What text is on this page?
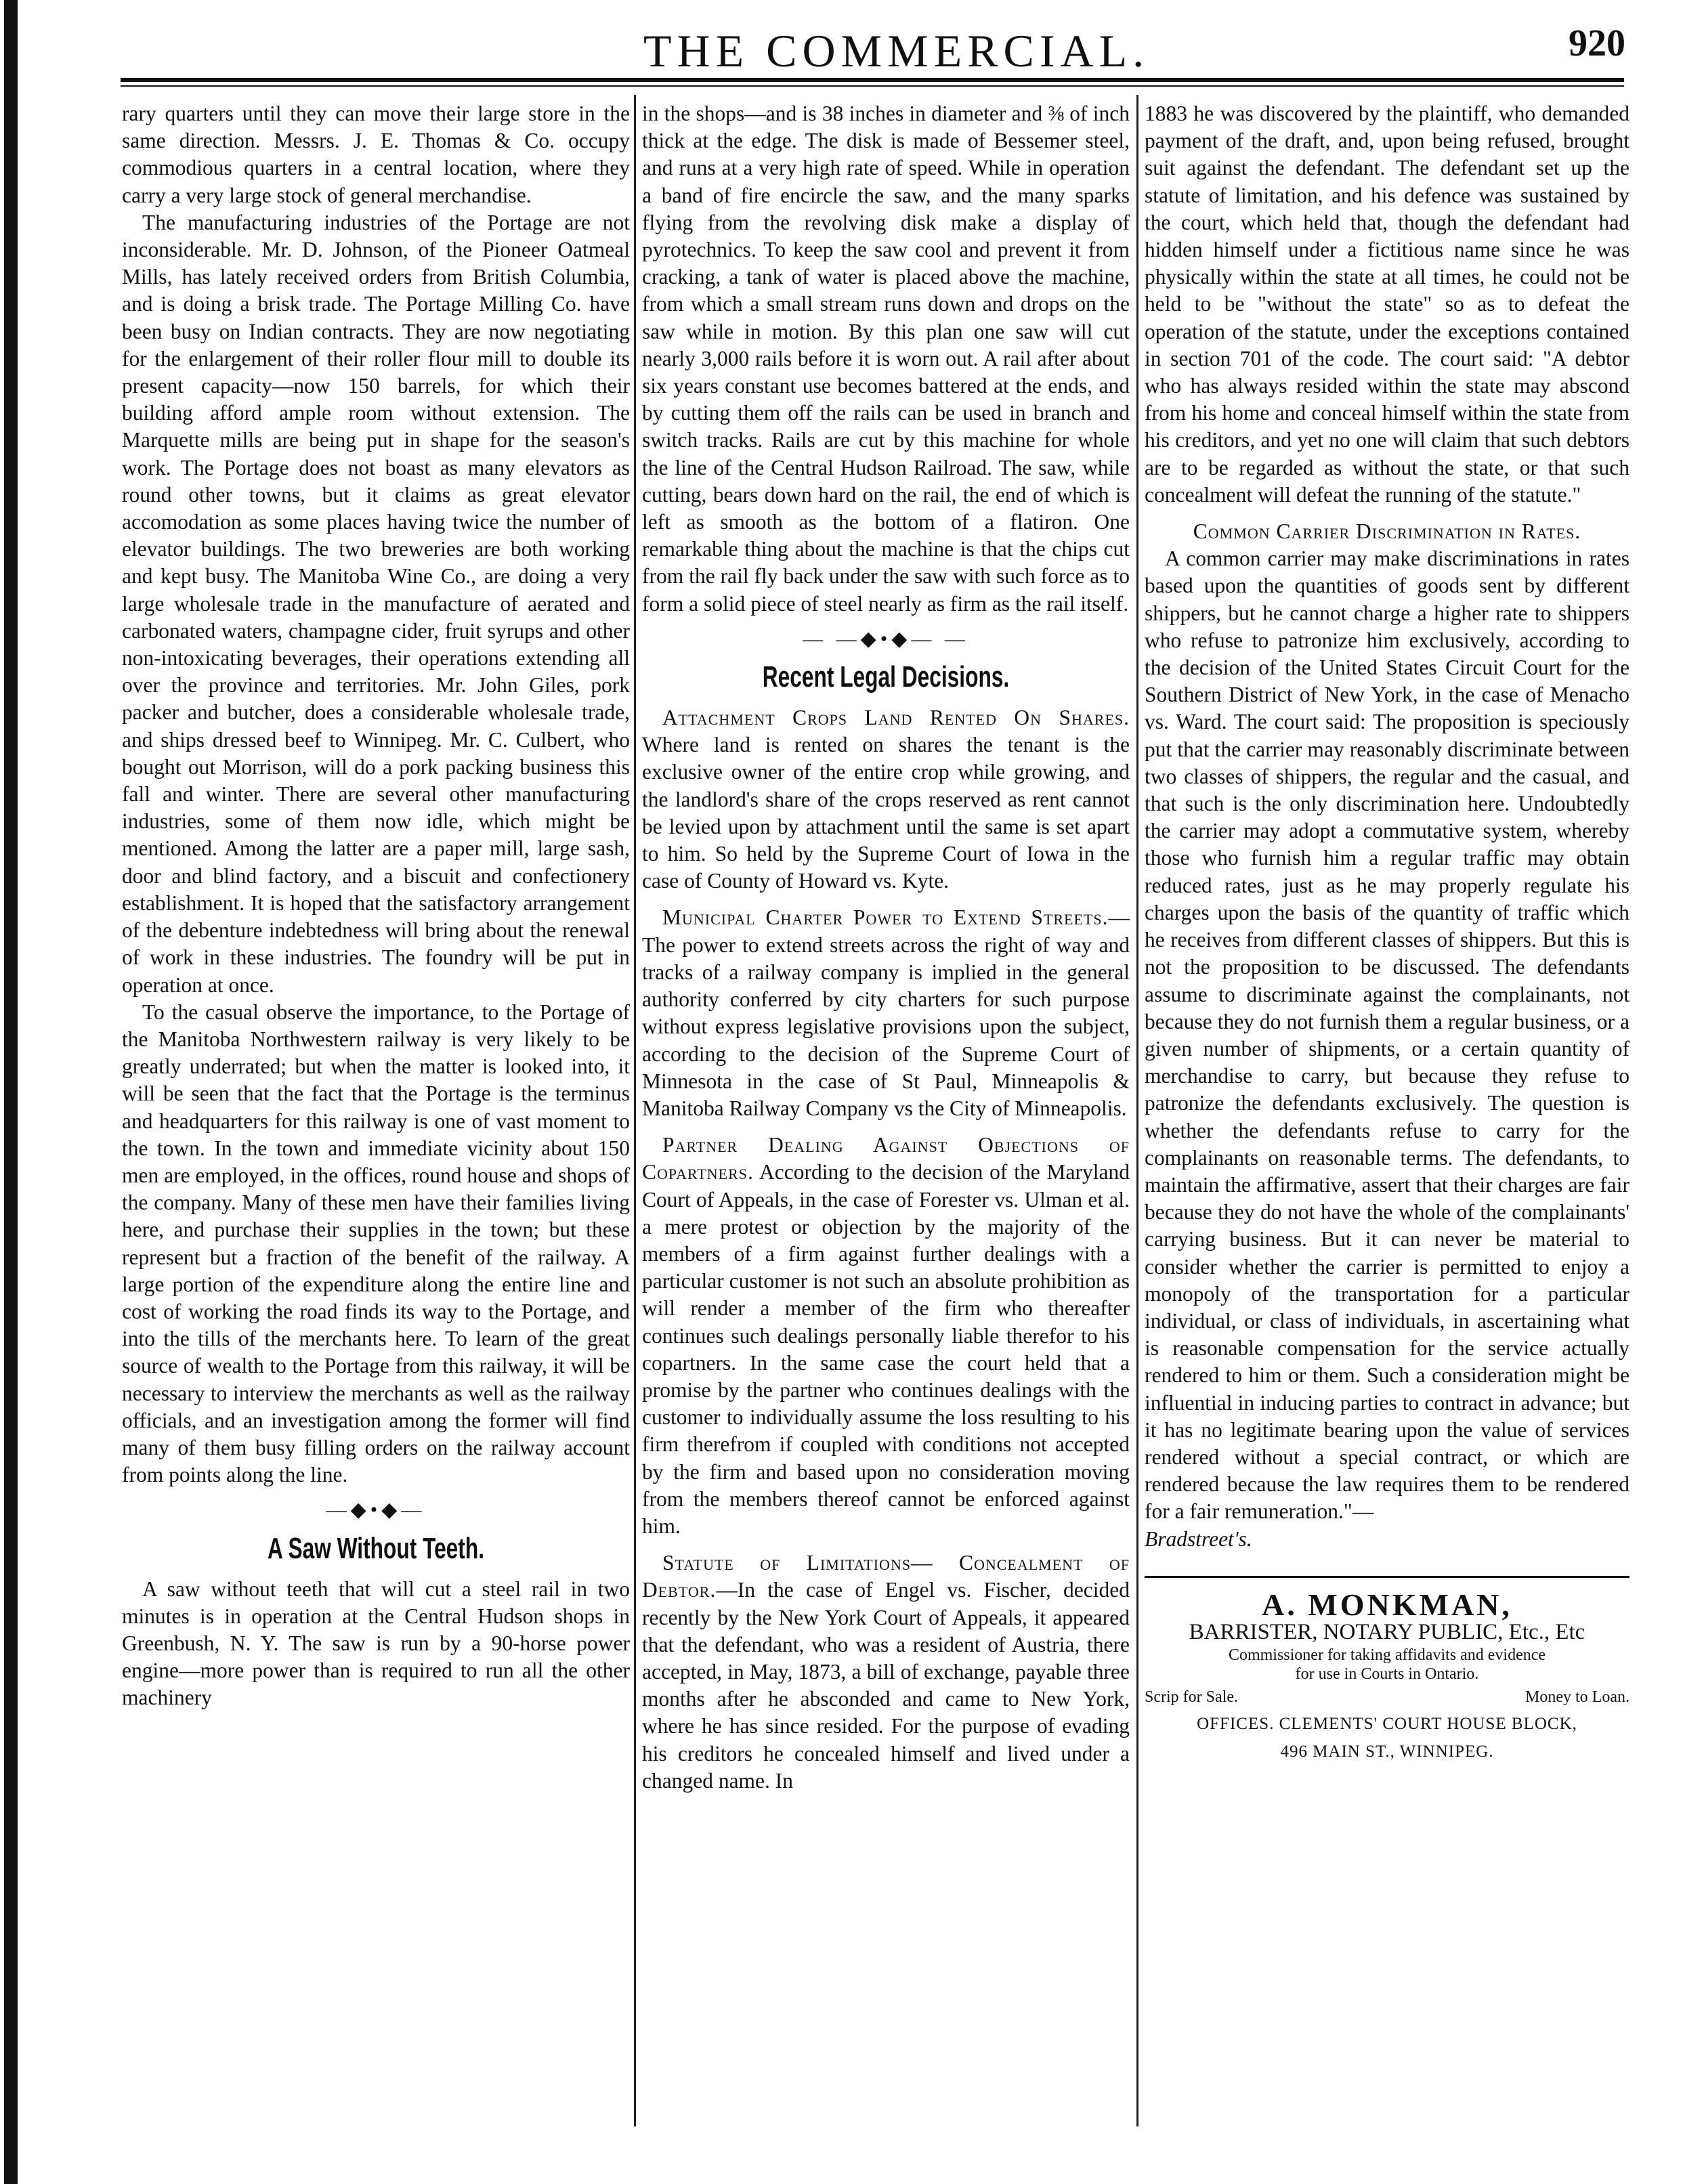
THE COMMERCIAL.	920

rary quarters until they can move their large store in the same direction. Messrs. J. E. Thomas & Co. occupy commodious quarters in a central location, where they carry a very large stock of general merchandise.

The manufacturing industries of the Portage are not inconsiderable. Mr. D. Johnson, of the Pioneer Oatmeal Mills, has lately received orders from British Columbia, and is doing a brisk trade. The Portage Milling Co. have been busy on Indian contracts. They are now negotiating for the enlargement of their roller flour mill to double its present capacity—now 150 barrels, for which their building afford ample room without extension. The Marquette mills are being put in shape for the season's work. The Portage does not boast as many elevators as round other towns, but it claims as great elevator accomodation as some places having twice the number of elevator buildings. The two breweries are both working and kept busy. The Manitoba Wine Co., are doing a very large wholesale trade in the manufacture of aerated and carbonated waters, champagne cider, fruit syrups and other non-intoxicating beverages, their operations extending all over the province and territories. Mr. John Giles, pork packer and butcher, does a considerable wholesale trade, and ships dressed beef to Winnipeg. Mr. C. Culbert, who bought out Morrison, will do a pork packing business this fall and winter. There are several other manufacturing industries, some of them now idle, which might be mentioned. Among the latter are a paper mill, large sash, door and blind factory, and a biscuit and confectionery establishment. It is hoped that the satisfactory arrangement of the debenture indebtedness will bring about the renewal of work in these industries. The foundry will be put in operation at once.

To the casual observe the importance, to the Portage of the Manitoba Northwestern railway is very likely to be greatly underrated; but when the matter is looked into, it will be seen that the fact that the Portage is the terminus and headquarters for this railway is one of vast moment to the town. In the town and immediate vicinity about 150 men are employed, in the offices, round house and shops of the company. Many of these men have their families living here, and purchase their supplies in the town; but these represent but a fraction of the benefit of the railway. A large portion of the expenditure along the entire line and cost of working the road finds its way to the Portage, and into the tills of the merchants here. To learn of the great source of wealth to the Portage from this railway, it will be necessary to interview the merchants as well as the railway officials, and an investigation among the former will find many of them busy filling orders on the railway account from points along the line.

—◆•◆—
A Saw Without Teeth.

A saw without teeth that will cut a steel rail in two minutes is in operation at the Central Hudson shops in Greenbush, N. Y. The saw is run by a 90-horse power engine—more power than is required to run all the other machinery

in the shops—and is 38 inches in diameter and ⅜ of inch thick at the edge. The disk is made of Bessemer steel, and runs at a very high rate of speed. While in operation a band of fire encircle the saw, and the many sparks flying from the revolving disk make a display of pyrotechnics. To keep the saw cool and prevent it from cracking, a tank of water is placed above the machine, from which a small stream runs down and drops on the saw while in motion. By this plan one saw will cut nearly 3,000 rails before it is worn out. A rail after about six years constant use becomes battered at the ends, and by cutting them off the rails can be used in branch and switch tracks. Rails are cut by this machine for whole the line of the Central Hudson Railroad. The saw, while cutting, bears down hard on the rail, the end of which is left as smooth as the bottom of a flatiron. One remarkable thing about the machine is that the chips cut from the rail fly back under the saw with such force as to form a solid piece of steel nearly as firm as the rail itself.

— —◆•◆— —
Recent Legal Decisions.

Attachment Crops Land Rented On Shares. Where land is rented on shares the tenant is the exclusive owner of the entire crop while growing, and the landlord's share of the crops reserved as rent cannot be levied upon by attachment until the same is set apart to him. So held by the Supreme Court of Iowa in the case of County of Howard vs. Kyte.

Municipal Charter Power to Extend Streets.—The power to extend streets across the right of way and tracks of a railway company is implied in the general authority conferred by city charters for such purpose without express legislative provisions upon the subject, according to the decision of the Supreme Court of Minnesota in the case of St Paul, Minneapolis & Manitoba Railway Company vs the City of Minneapolis.

Partner Dealing Against Objections of Copartners. According to the decision of the Maryland Court of Appeals, in the case of Forester vs. Ulman et al. a mere protest or objection by the majority of the members of a firm against further dealings with a particular customer is not such an absolute prohibition as will render a member of the firm who thereafter continues such dealings personally liable therefor to his copartners. In the same case the court held that a promise by the partner who continues dealings with the customer to individually assume the loss resulting to his firm therefrom if coupled with conditions not accepted by the firm and based upon no consideration moving from the members thereof cannot be enforced against him.

Statute of Limitations— Concealment of Debtor.—In the case of Engel vs. Fischer, decided recently by the New York Court of Appeals, it appeared that the defendant, who was a resident of Austria, there accepted, in May, 1873, a bill of exchange, payable three months after he absconded and came to New York, where he has since resided. For the purpose of evading his creditors he concealed himself and lived under a changed name. In

1883 he was discovered by the plaintiff, who demanded payment of the draft, and, upon being refused, brought suit against the defendant. The defendant set up the statute of limitation, and his defence was sustained by the court, which held that, though the defendant had hidden himself under a fictitious name since he was physically within the state at all times, he could not be held to be "without the state" so as to defeat the operation of the statute, under the exceptions contained in section 701 of the code. The court said: "A debtor who has always resided within the state may abscond from his home and conceal himself within the state from his creditors, and yet no one will claim that such debtors are to be regarded as without the state, or that such concealment will defeat the running of the statute."

Common Carrier Discrimination in Rates.

A common carrier may make discriminations in rates based upon the quantities of goods sent by different shippers, but he cannot charge a higher rate to shippers who refuse to patronize him exclusively, according to the decision of the United States Circuit Court for the Southern District of New York, in the case of Menacho vs. Ward. The court said: The proposition is speciously put that the carrier may reasonably discriminate between two classes of shippers, the regular and the casual, and that such is the only discrimination here. Undoubtedly the carrier may adopt a commutative system, whereby those who furnish him a regular traffic may obtain reduced rates, just as he may properly regulate his charges upon the basis of the quantity of traffic which he receives from different classes of shippers. But this is not the proposition to be discussed. The defendants assume to discriminate against the complainants, not because they do not furnish them a regular business, or a given number of shipments, or a certain quantity of merchandise to carry, but because they refuse to patronize the defendants exclusively. The question is whether the defendants refuse to carry for the complainants on reasonable terms. The defendants, to maintain the affirmative, assert that their charges are fair because they do not have the whole of the complainants' carrying business. But it can never be material to consider whether the carrier is permitted to enjoy a monopoly of the transportation for a particular individual, or class of individuals, in ascertaining what is reasonable compensation for the service actually rendered to him or them. Such a consideration might be influential in inducing parties to contract in advance; but it has no legitimate bearing upon the value of services rendered without a special contract, or which are rendered because the law requires them to be rendered for a fair remuneration."—

Bradstreet's.

A. MONKMAN,
BARRISTER, NOTARY PUBLIC, Etc., Etc
Commissioner for taking affidavits and evidence
for use in Courts in Ontario.
Scrip for Sale.	Money to Loan.
OFFICES. CLEMENTS' COURT HOUSE BLOCK,
496 MAIN ST., WINNIPEG.
